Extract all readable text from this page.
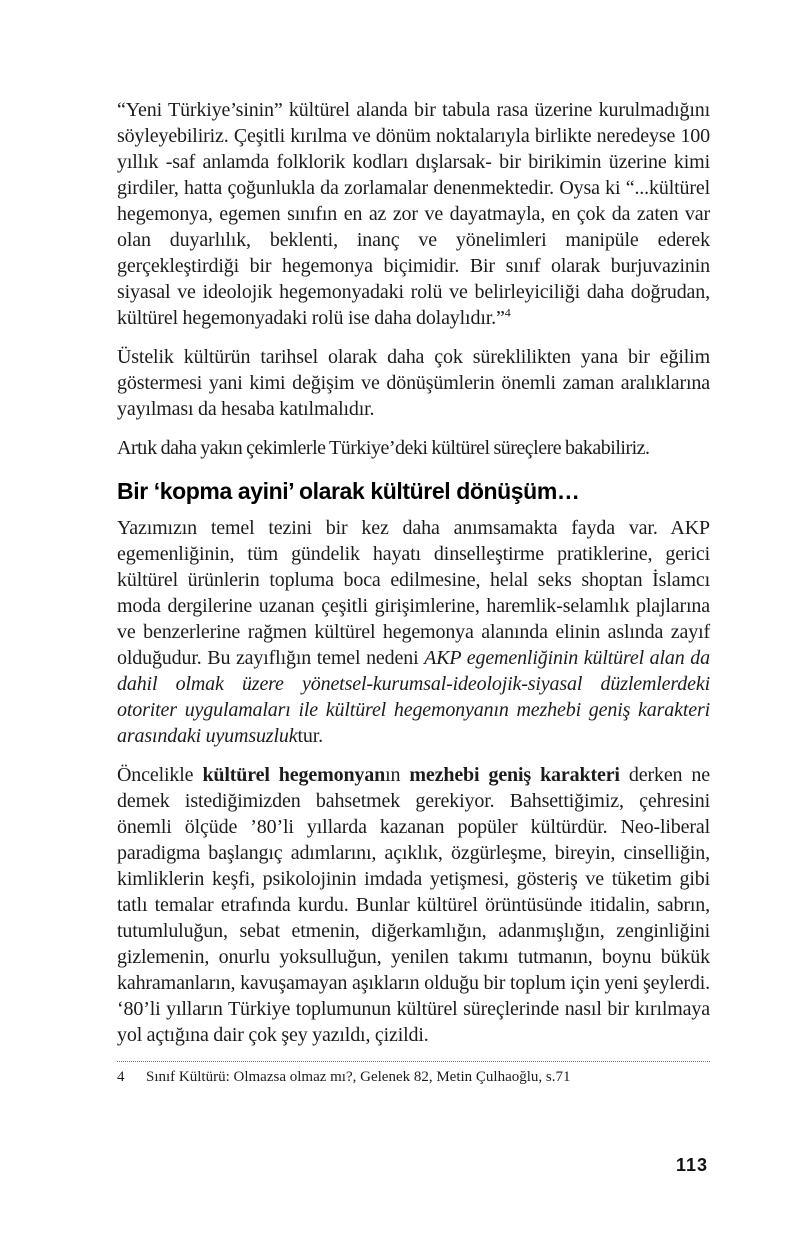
“Yeni Türkiye’sinin” kültürel alanda bir tabula rasa üzerine kurulmadığını söyleyebiliriz. Çeşitli kırılma ve dönüm noktalarıyla birlikte neredeyse 100 yıllık -saf anlamda folklorik kodları dışlarsak- bir birikimin üzerine kimi girdiler, hatta çoğunlukla da zorlamalar denenmektedir. Oysa ki “...kültürel hegemonya, egemen sınıfın en az zor ve dayatmayla, en çok da zaten var olan duyarlılık, beklenti, inanç ve yönelimleri manipüle ederek gerçekleştirdiği bir hegemonya biçimidir. Bir sınıf olarak burjuvazinin siyasal ve ideolojik hegemonyadaki rolü ve belirleyiciliği daha doğrudan, kültürel hegemonyadaki rolü ise daha dolaylıdır.”$^4$

Üstelik kültürün tarihsel olarak daha çok süreklilikten yana bir eğilim göstermesi yani kimi değişim ve dönüşümlerin önemli zaman aralıklarına yayılması da hesaba katılmalıdır.

Artık daha yakın çekimlerle Türkiye’deki kültürel süreçlere bakabiliriz.

Bir ‘kopma ayini’ olarak kültürel dönüşüm…

Yazımızın temel tezini bir kez daha anımsamakta fayda var. AKP egemenliğinin, tüm gündelik hayatı dinselleştirme pratiklerine, gerici kültürel ürünlerin topluma boca edilmesine, helal seks shoptan İslamcı moda dergilerine uzanan çeşitli girişimlerine, haremlik-selamlık plajlarına ve benzerlerine rağmen kültürel hegemonya alanında elinin aslında zayıf olduğudur. Bu zayıflığın temel nedeni AKP egemenliğinin kültürel alan da dahil olmak üzere yönetsel-kurumsal-ideolojik-siyasal düzlemlerdeki otoriter uygulamaları ile kültürel hegemonyanın mezhebi geniş karakteri arasındaki uyumsuzluktur.

Öncelikle kültürel hegemonyanın mezhebi geniş karakteri derken ne demek istediğimizden bahsetmek gerekiyor. Bahsettiğimiz, çehresini önemli ölçüde ’80’li yıllarda kazanan popüler kültürdür. Neo-liberal paradigma başlangıç adımlarını, açıklık, özgürleşme, bireyin, cinselliğin, kimliklerin keşfi, psikolojinin imdada yetişmesi, gösteriş ve tüketim gibi tatlı temalar etrafında kurdu. Bunlar kültürel örüntüsünde itidalin, sabrın, tutumluluğun, sebat etmenin, diğerkamlığın, adanmışlığın, zenginliğini gizlemenin, onurlu yoksulluğun, yenilen takımı tutmanın, boynu bükük kahramanların, kavuşamayan aşıkların olduğu bir toplum için yeni şeylerdi. ‘80’li yılların Türkiye toplumunun kültürel süreçlerinde nasıl bir kırılmaya yol açtığına dair çok şey yazıldı, çizildi.

4	Sınıf Kültürü: Olmazsa olmaz mı?, Gelenek 82, Metin Çulhaoğlu, s.71
113
